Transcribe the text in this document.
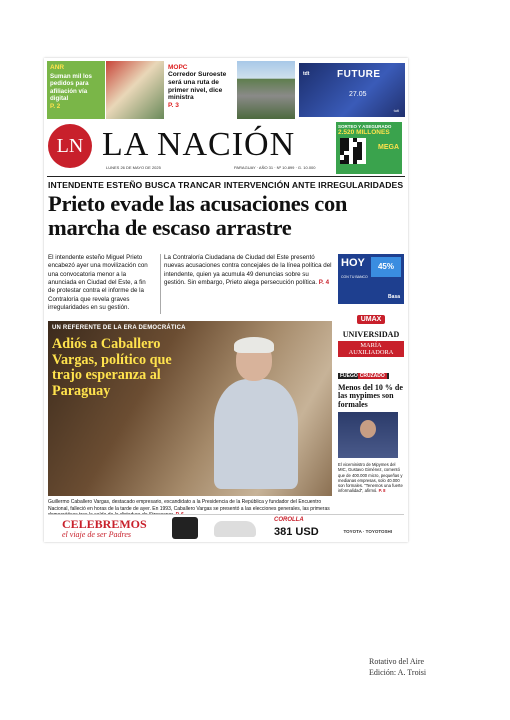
ANR
Suman mil los pedidos para afiliación vía digital
P. 2
MOPC
Corredor Suroeste será una ruta de primer nivel, dice ministra
P. 3
tdt	FUTURE
27.05
tuti
LN LA NACIÓN
LUNES 26 DE MAYO DE 2025	PARAGUAY · AÑO 31 · Nº 10.899 · G. 10.000
SORTEO Y ASEGURADO
2.520 MILLONES
MEGA
INTENDENTE ESTEÑO BUSCA TRANCAR INTERVENCIÓN ANTE IRREGULARIDADES
Prieto evade las acusaciones con marcha de escaso arrastre
El intendente esteño Miguel Prieto encabezó ayer una movilización con una convocatoria menor a la anunciada en Ciudad del Este, a fin de protestar contra el informe de la Contraloría que revela graves irregularidades en su gestión.
La Contraloría Ciudadana de Ciudad del Este presentó nuevas acusaciones contra concejales de la línea política del intendente, quien ya acumula 49 denuncias sobre su gestión. Sin embargo, Prieto alega persecución política. P. 4
HOY	45%
CON TU BANCO
Basa
UN REFERENTE DE LA ERA DEMOCRÁTICA
Adiós a Caballero Vargas, político que trajo esperanza al Paraguay
Guillermo Caballero Vargas, destacado empresario, excandidato a la Presidencia de la República y fundador del Encuentro Nacional, falleció en horas de la tarde de ayer. En 1993, Caballero Vargas se presentó a las elecciones generales, las primeras
UMAX
UNIVERSIDAD
MARÍA AUXILIADORA
FUEGO CRUZADO
Menos del 10 % de las mypimes son formales
El viceministro de Mipymes del MIC, Gustavo Giménez, comentó que de 400.000 micro, pequeñas y medianas empresas, solo 40.000 son formales. "Tenemos una fuerte informalidad", afirmó. P. 8
CELEBREMOS
el viaje de ser Padres
COROLLA
381 USD	TOYOTA · TOYOTOSHI
Rotativo del Aire
Edición: A. Troisi
